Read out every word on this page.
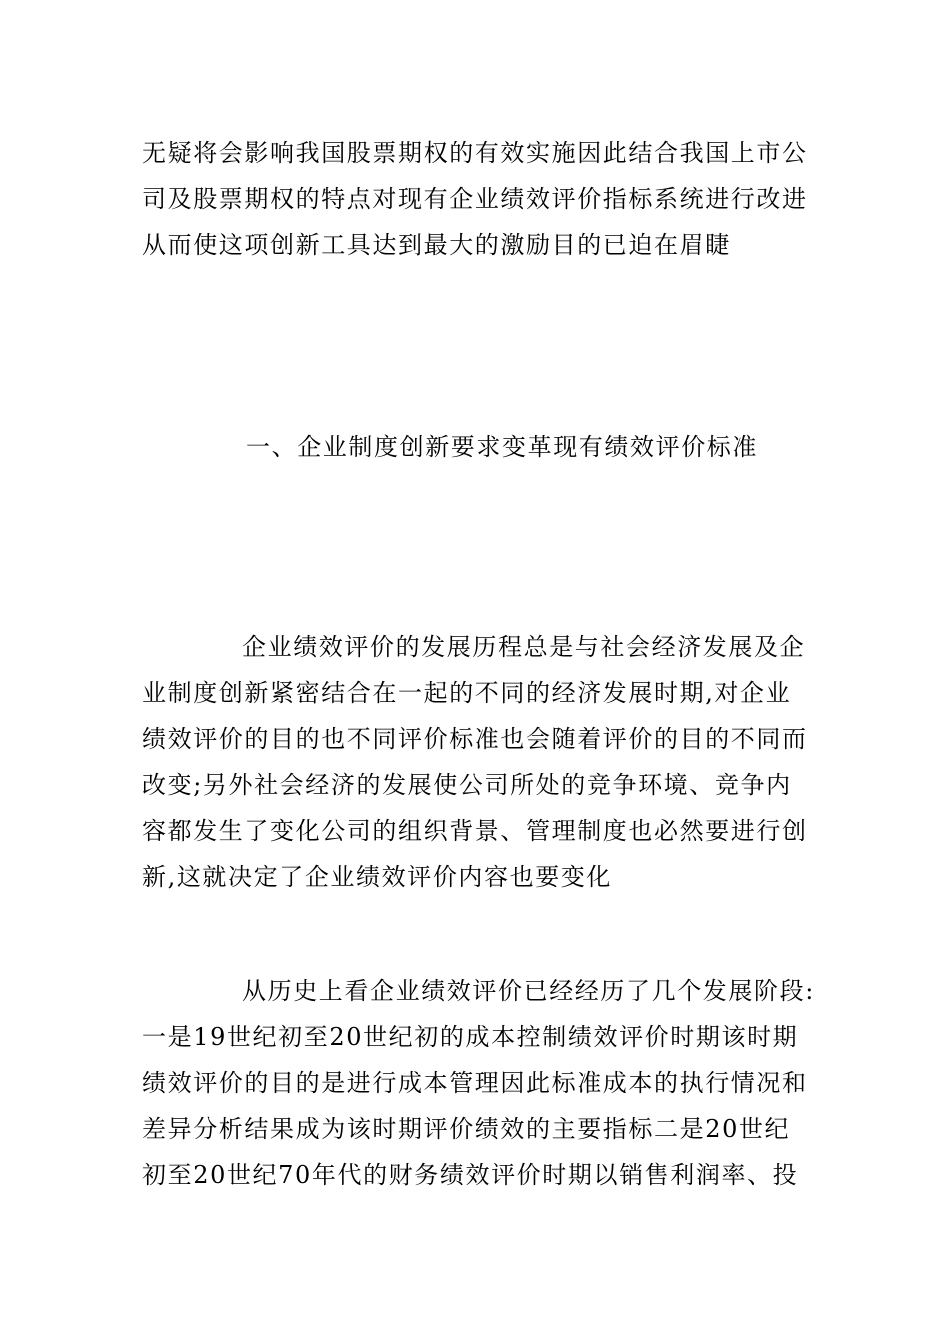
无疑将会影响我国股票期权的有效实施因此结合我国上市公
司及股票期权的特点对现有企业绩效评价指标系统进行改进
从而使这项创新工具达到最大的激励目的已迫在眉睫

一、企业制度创新要求变革现有绩效评价标准

企业绩效评价的发展历程总是与社会经济发展及企
业制度创新紧密结合在一起的不同的经济发展时期,对企业
绩效评价的目的也不同评价标准也会随着评价的目的不同而
改变;另外社会经济的发展使公司所处的竞争环境、竞争内
容都发生了变化公司的组织背景、管理制度也必然要进行创
新,这就决定了企业绩效评价内容也要变化

从历史上看企业绩效评价已经经历了几个发展阶段:
一是19世纪初至20世纪初的成本控制绩效评价时期该时期
绩效评价的目的是进行成本管理因此标准成本的执行情况和
差异分析结果成为该时期评价绩效的主要指标二是20世纪
初至20世纪70年代的财务绩效评价时期以销售利润率、投
